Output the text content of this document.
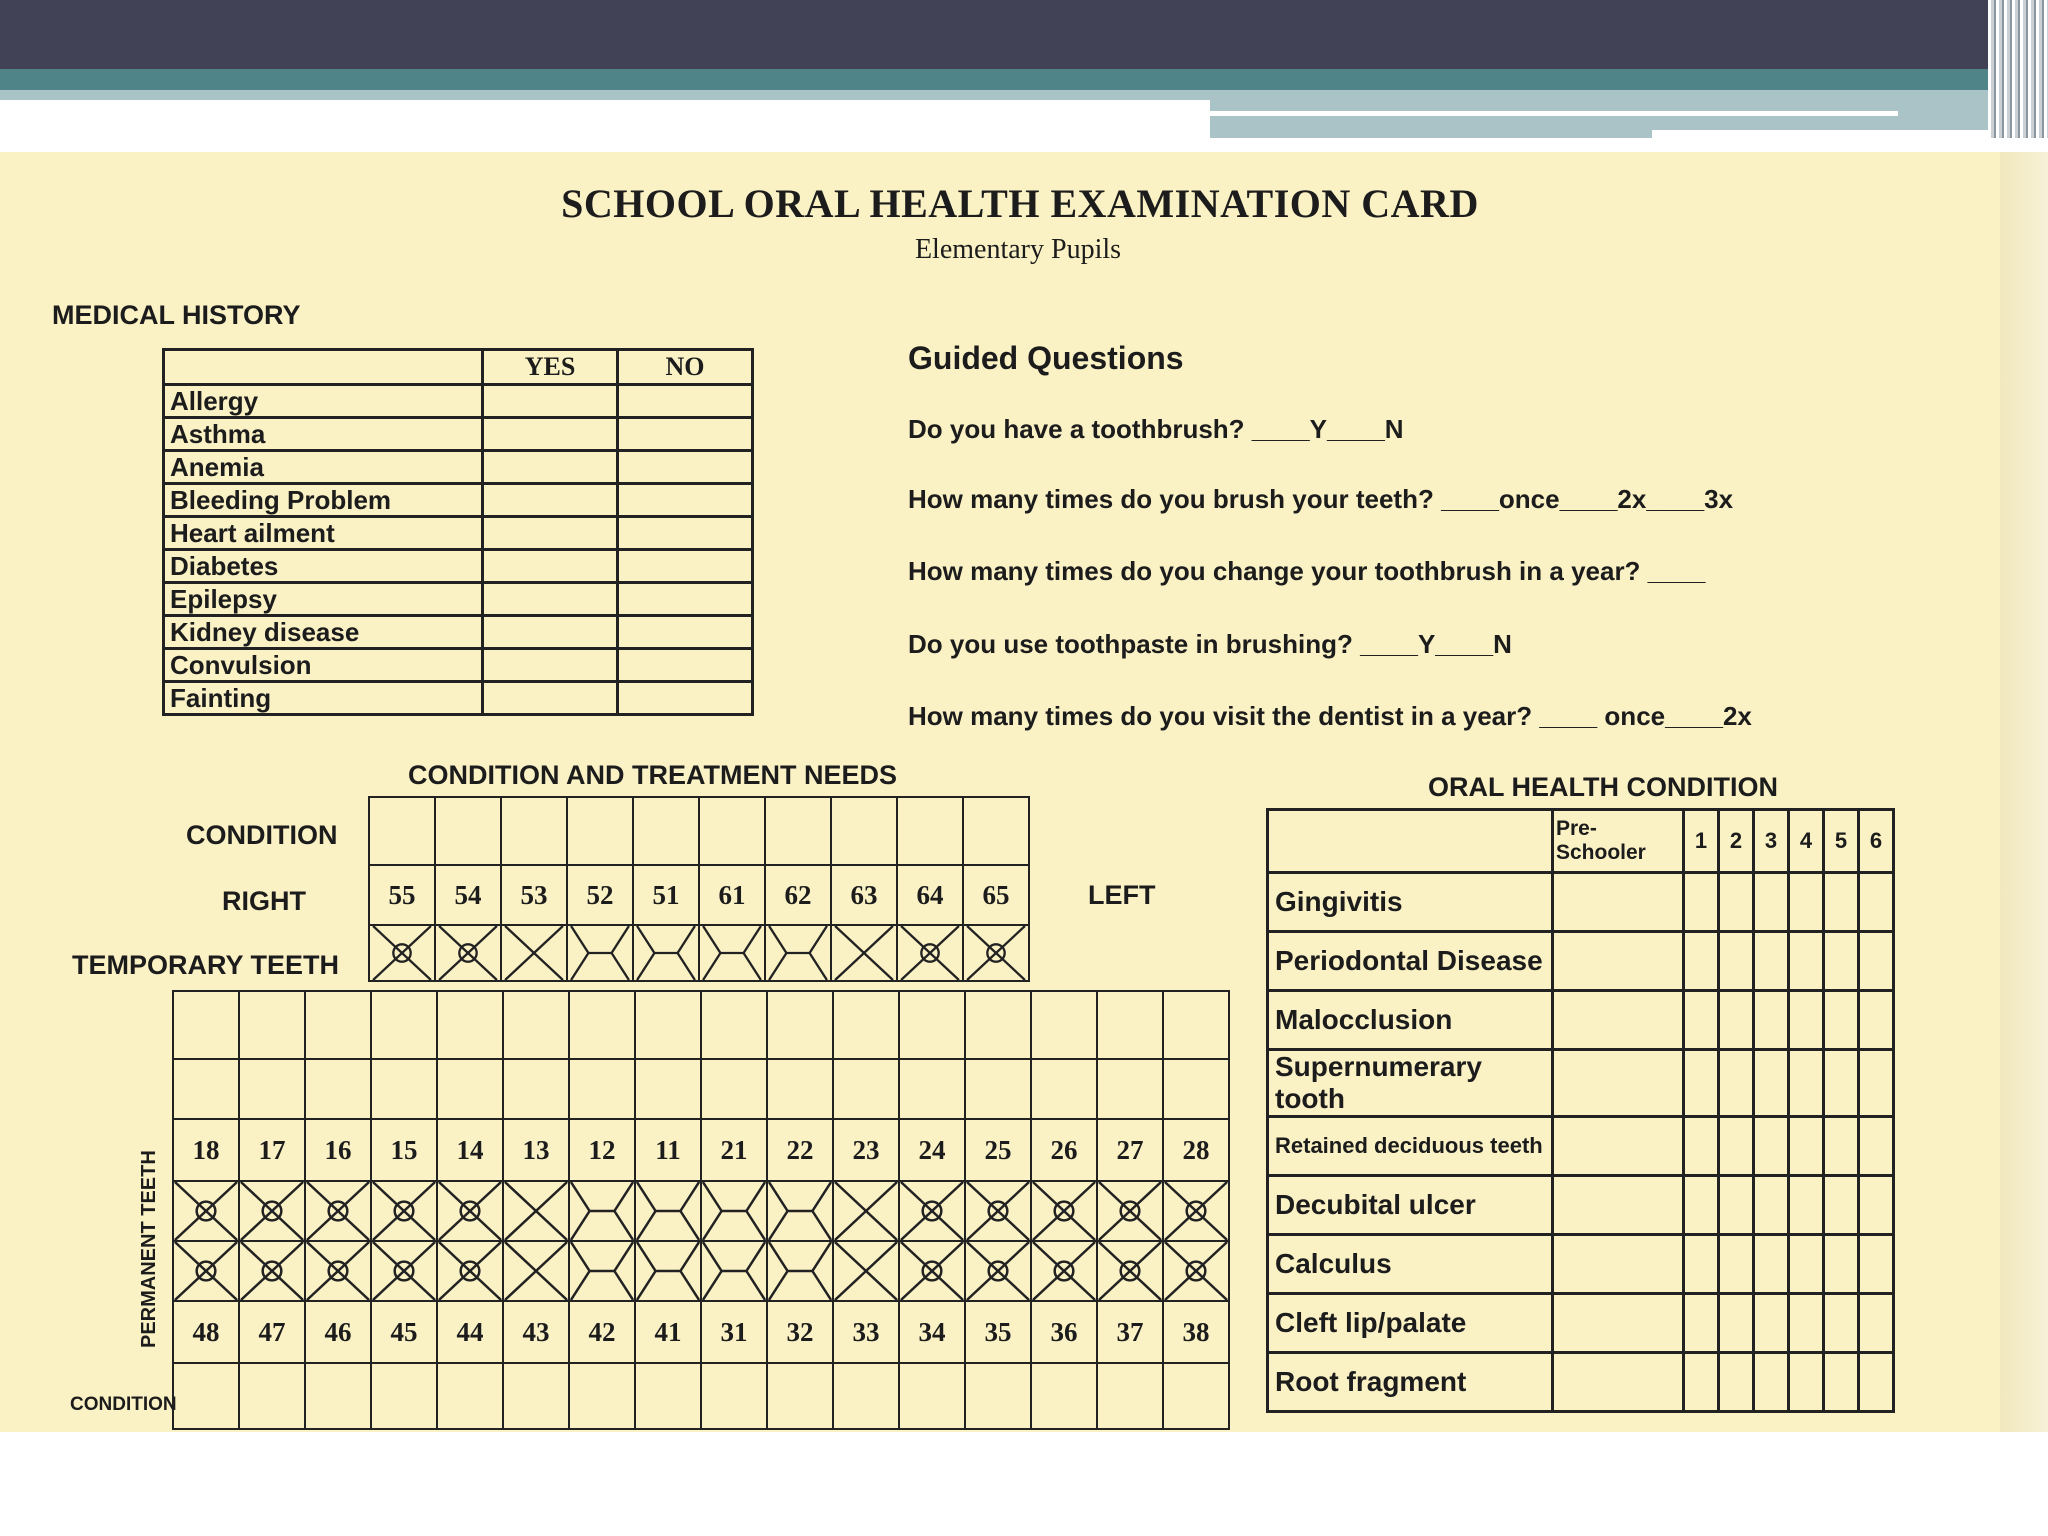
SCHOOL ORAL HEALTH EXAMINATION CARD
Elementary Pupils
MEDICAL HISTORY
	YES	NO
Allergy		
Asthma		
Anemia		
Bleeding Problem		
Heart ailment		
Diabetes		
Epilepsy		
Kidney disease		
Convulsion		
Fainting		
Guided Questions
Do you have a toothbrush? ____Y____N
How many times do you brush your teeth? ____once____2x____3x
How many times do you change your toothbrush in a year? ____
Do you use toothpaste in brushing? ____Y____N
How many times do you visit the dentist in a year? ____ once____2x
CONDITION AND TREATMENT NEEDS
CONDITION
RIGHT	LEFT
TEMPORARY TEETH
PERMANENT TEETH
CONDITION

55	54	53	52	51	61	62	63	64	65

18	17	16	15	14	13	12	11	21	22	23	24	25	26	27	28

48	47	46	45	44	43	42	41	31	32	33	34	35	36	37	38

ORAL HEALTH CONDITION
	Pre-Schooler	1	2	3	4	5	6
Gingivitis							
Periodontal Disease							
Malocclusion							
Supernumerary tooth							
Retained deciduous teeth							
Decubital ulcer							
Calculus							
Cleft lip/palate							
Root fragment							
